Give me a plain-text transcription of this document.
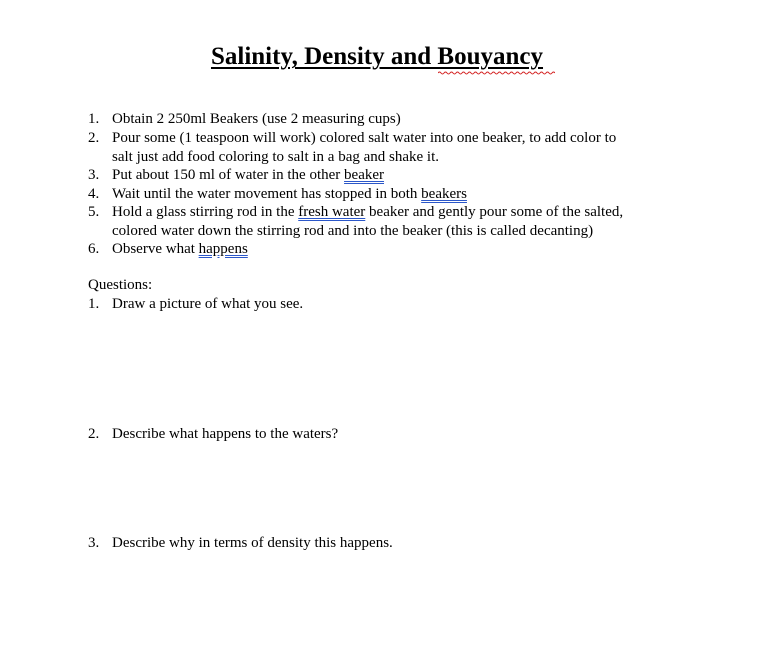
Salinity, Density and Bouyancy
1. Obtain 2 250ml Beakers (use 2 measuring cups)
2. Pour some (1 teaspoon will work) colored salt water into one beaker, to add color to
salt just add food coloring to salt in a bag and shake it.
3. Put about 150 ml of water in the other beaker
4. Wait until the water movement has stopped in both beakers
5. Hold a glass stirring rod in the fresh water beaker and gently pour some of the salted,
colored water down the stirring rod and into the beaker (this is called decanting)
6. Observe what happens
Questions:
1. Draw a picture of what you see.
2. Describe what happens to the waters?
3. Describe why in terms of density this happens.
